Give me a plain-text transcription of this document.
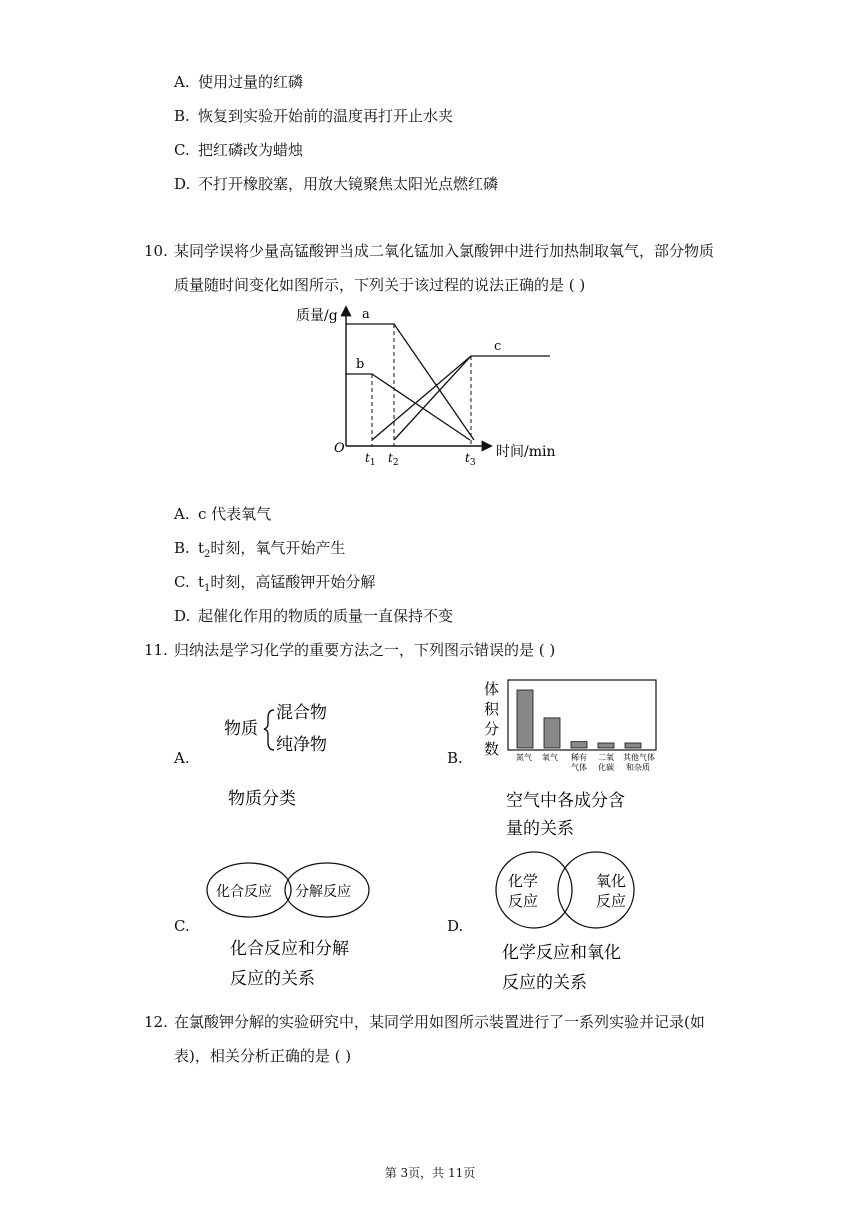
A. 使用过量的红磷
B. 恢复到实验开始前的温度再打开止水夹
C. 把红磷改为蜡烛
D. 不打开橡胶塞，用放大镜聚焦太阳光点燃红磷
10. 某同学误将少量高锰酸钾当成二氧化锰加入氯酸钾中进行加热制取氧气，部分物质
质量随时间变化如图所示，下列关于该过程的说法正确的是 ( )
质量/g
O	时间/min
a
b
c
$t_1$ $t_2$	$t_3$
A. c 代表氧气
B. $t_2$时刻，氧气开始产生
C. $t_1$时刻，高锰酸钾开始分解
D. 起催化作用的物质的质量一直保持不变
11. 归纳法是学习化学的重要方法之一，下列图示错误的是 ( )
A.
物质
混合物
纯净物
物质分类
B.
体
积
分
数 氮气 氧气 稀有
气体
二氧
化碳
其他气体
和杂质
空气中各成分含
量的关系
C.
化合反应 分解反应
化合反应和分解
反应的关系
D.
化学
反应
氧化
反应
化学反应和氧化
反应的关系
12. 在氯酸钾分解的实验研究中，某同学用如图所示装置进行了一系列实验并记录(如
表)，相关分析正确的是 ( )
第 3页，共 11页
